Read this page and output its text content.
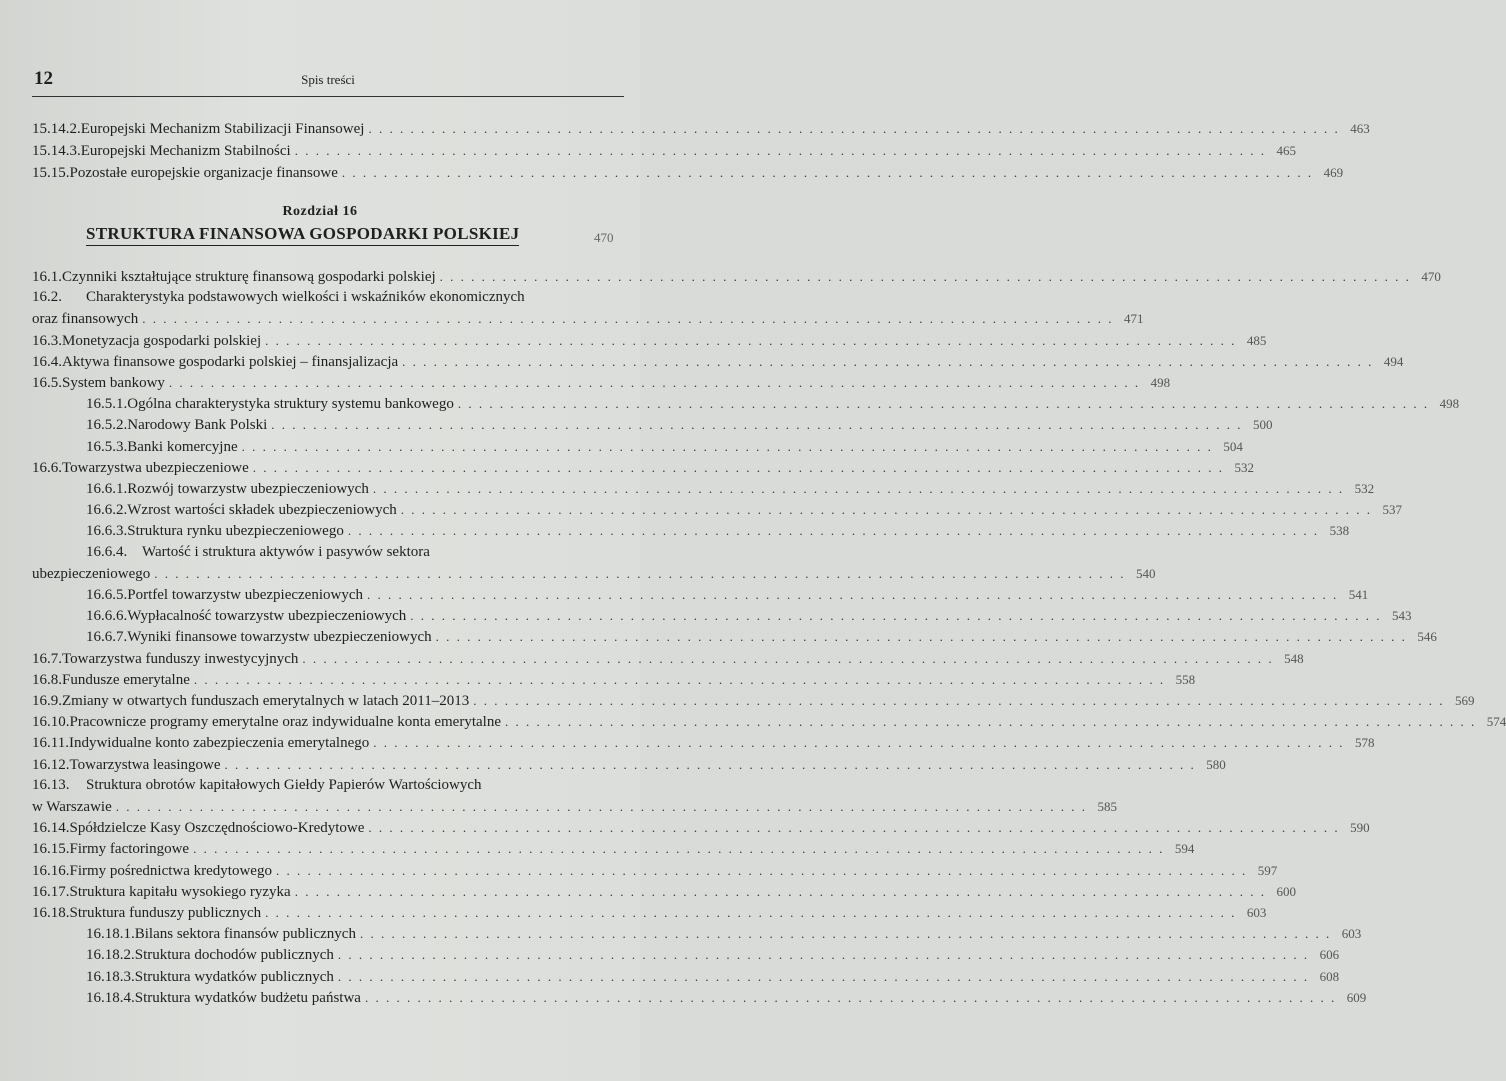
12	Spis treści
15.14.2. Europejski Mechanizm Stabilizacji Finansowej . . .	463
15.14.3. Europejski Mechanizm Stabilności . . .	465
15.15. Pozostałe europejskie organizacje finansowe . . .	469
Rozdział 16
STRUKTURA FINANSOWA GOSPODARKI POLSKIEJ	470
16.1. Czynniki kształtujące strukturę finansową gospodarki polskiej . . .	470
16.2. Charakterystyka podstawowych wielkości i wskaźników ekonomicznych
oraz finansowych . . .	471
16.3. Monetyzacja gospodarki polskiej . . .	485
16.4. Aktywa finansowe gospodarki polskiej – finansjalizacja . . .	494
16.5. System bankowy . . .	498
16.5.1. Ogólna charakterystyka struktury systemu bankowego . . .	498
16.5.2. Narodowy Bank Polski . . .	500
16.5.3. Banki komercyjne . . .	504
16.6. Towarzystwa ubezpieczeniowe . . .	532
16.6.1. Rozwój towarzystw ubezpieczeniowych . . .	532
16.6.2. Wzrost wartości składek ubezpieczeniowych . . .	537
16.6.3. Struktura rynku ubezpieczeniowego . . .	538
16.6.4. Wartość i struktura aktywów i pasywów sektora
ubezpieczeniowego . . .	540
16.6.5. Portfel towarzystw ubezpieczeniowych . . .	541
16.6.6. Wypłacalność towarzystw ubezpieczeniowych . . .	543
16.6.7. Wyniki finansowe towarzystw ubezpieczeniowych . . .	546
16.7. Towarzystwa funduszy inwestycyjnych . . .	548
16.8. Fundusze emerytalne . . .	558
16.9. Zmiany w otwartych funduszach emerytalnych w latach 2011–2013 . . .	569
16.10. Pracownicze programy emerytalne oraz indywidualne konta emerytalne . . .	574
16.11. Indywidualne konto zabezpieczenia emerytalnego . . .	578
16.12. Towarzystwa leasingowe . . .	580
16.13. Struktura obrotów kapitałowych Giełdy Papierów Wartościowych
w Warszawie . . .	585
16.14. Spółdzielcze Kasy Oszczędnościowo-Kredytowe . . .	590
16.15. Firmy factoringowe . . .	594
16.16. Firmy pośrednictwa kredytowego . . .	597
16.17. Struktura kapitału wysokiego ryzyka . . .	600
16.18. Struktura funduszy publicznych . . .	603
16.18.1. Bilans sektora finansów publicznych . . .	603
16.18.2. Struktura dochodów publicznych . . .	606
16.18.3. Struktura wydatków publicznych . . .	608
16.18.4. Struktura wydatków budżetu państwa . . .	609
